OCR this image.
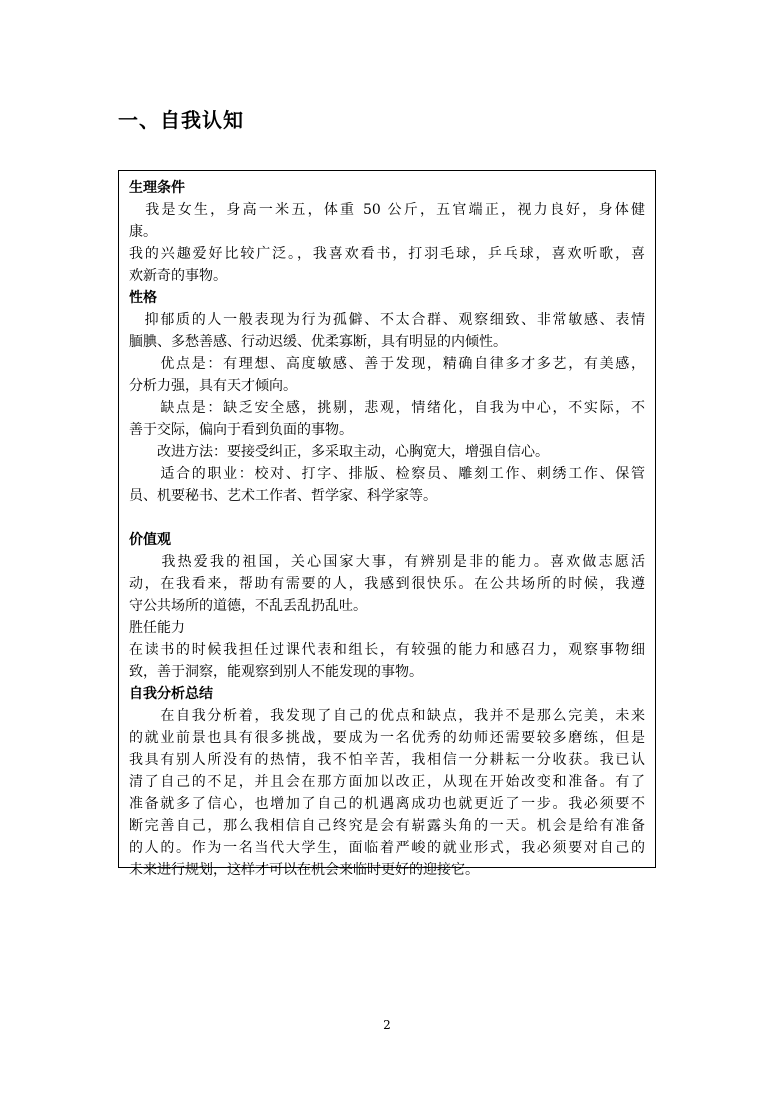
一、自我认知
生理条件
　我是女生，身高一米五，体重 50 公斤，五官端正，视力良好，身体健
康。
我的兴趣爱好比较广泛。，我喜欢看书，打羽毛球，乒乓球，喜欢听歌，喜
欢新奇的事物。
性格
　抑郁质的人一般表现为行为孤僻、不太合群、观察细致、非常敏感、表情
腼腆、多愁善感、行动迟缓、优柔寡断，具有明显的内倾性。
　　优点是：有理想、高度敏感、善于发现，精确自律多才多艺，有美感，
分析力强，具有天才倾向。
　　缺点是：缺乏安全感，挑剔，悲观，情绪化，自我为中心，不实际，不
善于交际，偏向于看到负面的事物。
　　改进方法：要接受纠正，多采取主动，心胸宽大，增强自信心。
　　适合的职业：校对、打字、排版、检察员、雕刻工作、刺绣工作、保管
员、机要秘书、艺术工作者、哲学家、科学家等。
价值观
　　我热爱我的祖国，关心国家大事，有辨别是非的能力。喜欢做志愿活
动，在我看来，帮助有需要的人，我感到很快乐。在公共场所的时候，我遵
守公共场所的道德，不乱丢乱扔乱吐。
胜任能力
在读书的时候我担任过课代表和组长，有较强的能力和感召力，观察事物细
致，善于洞察，能观察到别人不能发现的事物。
自我分析总结
　　在自我分析着，我发现了自己的优点和缺点，我并不是那么完美，未来
的就业前景也具有很多挑战，要成为一名优秀的幼师还需要较多磨练，但是
我具有别人所没有的热情，我不怕辛苦，我相信一分耕耘一分收获。我已认
清了自己的不足，并且会在那方面加以改正，从现在开始改变和准备。有了
准备就多了信心，也增加了自己的机遇离成功也就更近了一步。我必须要不
断完善自己，那么我相信自己终究是会有崭露头角的一天。机会是给有准备
的人的。作为一名当代大学生，面临着严峻的就业形式，我必须要对自己的
未来进行规划，这样才可以在机会来临时更好的迎接它。
2
